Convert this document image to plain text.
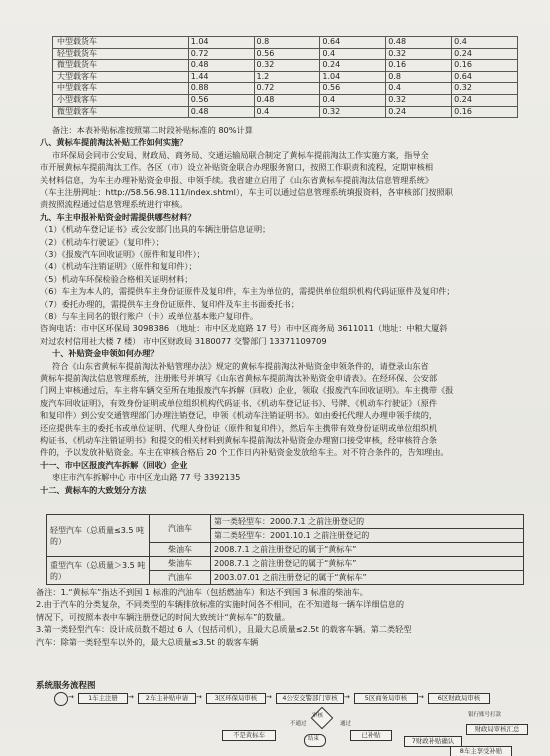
中型载货车	1.04	0.8	0.64	0.48	0.4
轻型载货车	0.72	0.56	0.4	0.32	0.24
微型载货车	0.48	0.32	0.24	0.16	0.16
大型载客车	1.44	1.2	1.04	0.8	0.64
中型载客车	0.88	0.72	0.56	0.4	0.32
小型载客车	0.56	0.48	0.4	0.32	0.24
微型载客车	0.48	0.4	0.32	0.24	0.16
备注：本表补贴标准按照第二时段补贴标准的 80%计算
八、黄标车提前淘汰补贴工作如何实施？
市环保局会同市公安局、财政局、商务局、交通运输局联合制定了黄标车提前淘汰工作实施方案，指导全
市开展黄标车提前淘汰工作。各区（市）设立补贴资金联合办理服务窗口，按照工作职责和流程，定期审核相
关材料信息，为车主办理补贴资金申报、申领手续。我省建立启用了《山东省黄标车提前淘汰信息管理系统》
（车主注册网址：http://58.56.98.111/index.shtml），车主可以通过信息管理系统填报资料，各审核部门按照职
责按照流程通过信息管理系统进行审核。
九、车主申报补贴资金时需提供哪些材料？
（1）《机动车登记证书》或公安部门出具的车辆注册信息证明；
（2）《机动车行驶证》（复印件）；
（3）《报废汽车回收证明》（原件和复印件）；
（4）《机动车注销证明》（原件和复印件）；
（5）机动车环保检验合格相关证明材料；
（6）车主为本人的，需提供车主身份证原件及复印件，车主为单位的，需提供单位组织机构代码证原件及复印件；
（7）委托办理的，需提供车主身份证原件、复印件及车主书面委托书；
（8）与车主同名的银行账户（卡）或单位基本账户复印件。
咨询电话：市中区环保局 3098386 （地址：市中区龙庭路 17 号）市中区商务局 3611011（地址：中粮大厦斜
对过农村信用社大楼 7 楼） 市中区财政局 3180077 交警部门 13371109709
十、补贴资金申领如何办理？
符合《山东省黄标车提前淘汰补贴管理办法》规定的黄标车提前淘汰补贴资金申领条件的，请登录山东省
黄标车提前淘汰信息管理系统，注册账号并填写《山东省黄标车提前淘汰补贴资金申请表》。在经环保、公安部
门网上审核通过后，车主将车辆交至所在地报废汽车拆解（回收）企业，领取《报废汽车回收证明》。车主携带《报
废汽车回收证明》，有效身份证明或单位组织机构代码证书、《机动车登记证书》、号牌、《机动车行驶证》（原件
和复印件）到公安交通管理部门办理注销登记，申领《机动车注销证明书》。如由委托代理人办理申领手续的，
还应提供车主的委托书或单位证明、代理人身份证（原件和复印件），然后车主携带有效身份证明或单位组织机
构证书、《机动车注销证明书》和提交的相关材料到黄标车提前淘汰补贴资金办理窗口接受审核，经审核符合条
件的，予以发放补贴资金。车主在审核合格后 20 个工作日内补贴资金发放给车主。对不符合条件的，告知理由。
十一、市中区报废汽车拆解（回收）企业
枣庄市汽车拆解中心 市中区龙山路 77 号 3392135
十二、黄标车的大致划分方法
轻型汽车（总质量≤3.5 吨的）	汽油车	第一类轻型车：2000.7.1 之前注册登记的
		第二类轻型车：2001.10.1 之前注册登记的
	柴油车	2008.7.1 之前注册登记的属于“黄标车”
重型汽车（总质量＞3.5 吨的）	柴油车	2008.7.1 之前注册登记的属于“黄标车”
	汽油车	2003.07.01 之前注册登记的属于“黄标车”
备注：1.“黄标车”指达不到国 1 标准的汽油车（包括燃油车）和达不到国 3 标准的柴油车。
2.由于汽车的分类复杂，不同类型的车辆排放标准的实施时间各不相同，在不知道每一辆车详细信息的
情况下，可按照本表中车辆注册登记的时间大致统计“黄标车”的数量。
3.第一类轻型汽车：设计成员数不超过 6 人（包括司机），且最大总质量≤2.5t 的载客车辆。第二类轻型
汽车：除第一类轻型车以外的，最大总质量≤3.5t 的载客车辆
系统服务流程图
→	1车主注册	→	2车主补贴申请	→	3区环保局审核	→	4公安交警部门审核 →	5区商务局审核	→	6区财政局审核
审核
不通过	通过
不是黄标车	已补贴
7财政补贴确认
财政局审核汇总
银行账号打款
结束
8车主享受补贴
